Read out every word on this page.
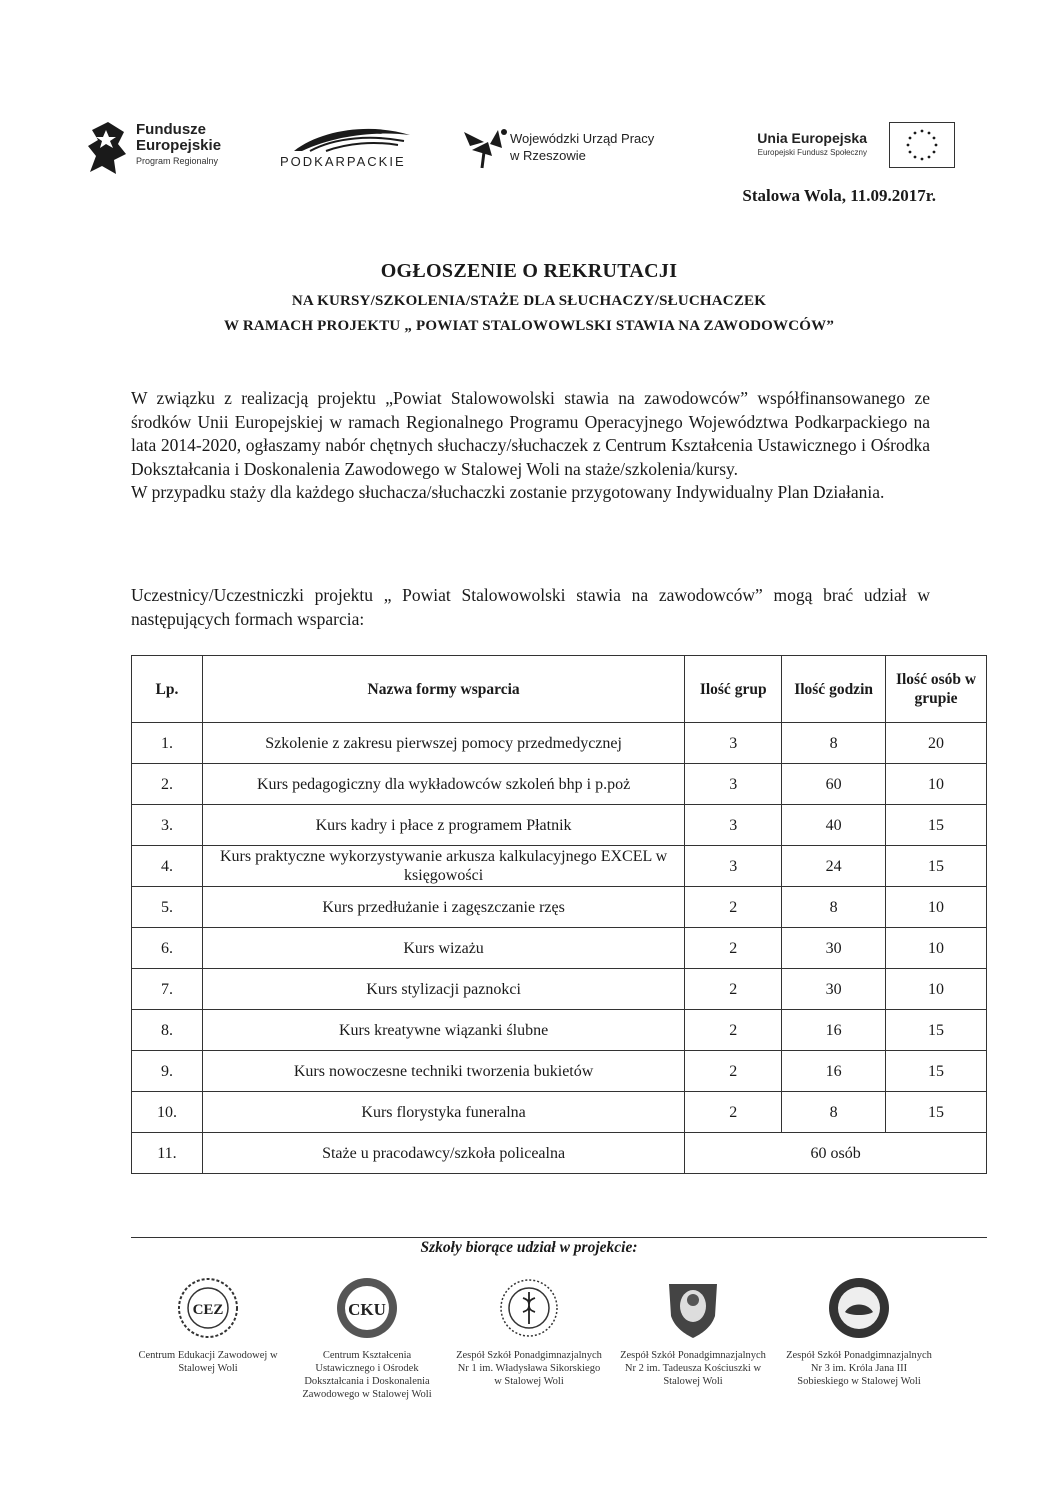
Fundusze
Europejskie
Program Regionalny	PODKARPACKIE
Wojewódzki Urząd Pracy
w Rzeszowie
Unia Europejska
Europejski Fundusz Społeczny
Stalowa Wola, 11.09.2017r.
OGŁOSZENIE O REKRUTACJI
NA KURSY/SZKOLENIA/STAŻE DLA SŁUCHACZY/SŁUCHACZEK
W RAMACH PROJEKTU „ POWIAT STALOWOWLSKI STAWIA NA ZAWODOWCÓW”

W związku z realizacją projektu „Powiat Stalowowolski stawia na zawodowców” współfinansowanego ze środków Unii Europejskiej w ramach Regionalnego Programu Operacyjnego Województwa Podkarpackiego na lata 2014-2020, ogłaszamy nabór chętnych słuchaczy/słuchaczek z Centrum Kształcenia Ustawicznego i Ośrodka Dokształcania i Doskonalenia Zawodowego w Stalowej Woli na staże/szkolenia/kursy.

W przypadku staży dla każdego słuchacza/słuchaczki zostanie przygotowany Indywidualny Plan Działania.

Uczestnicy/Uczestniczki projektu „ Powiat Stalowowolski stawia na zawodowców” mogą brać udział w następujących formach wsparcia:

Lp.	Nazwa formy wsparcia	Ilość grup	Ilość godzin	Ilość osób w grupie
1.	Szkolenie z zakresu pierwszej pomocy przedmedycznej	3	8	20
2.	Kurs pedagogiczny dla wykładowców szkoleń bhp i p.poż	3	60	10
3.	Kurs kadry i płace z programem Płatnik	3	40	15
4.	Kurs praktyczne wykorzystywanie arkusza kalkulacyjnego EXCEL w księgowości	3	24	15
5.	Kurs przedłużanie i zagęszczanie rzęs	2	8	10
6.	Kurs wizażu	2	30	10
7.	Kurs stylizacji paznokci	2	30	10
8.	Kurs kreatywne wiązanki ślubne	2	16	15
9.	Kurs nowoczesne techniki tworzenia bukietów	2	16	15
10.	Kurs florystyka funeralna	2	8	15
11.	Staże u pracodawcy/szkoła policealna	60 osób		
Szkoły biorące udział w projekcie:
CEZ
Centrum Edukacji Zawodowej w Stalowej Woli
CKU
Centrum Kształcenia Ustawicznego i Ośrodek Dokształcania i Doskonalenia Zawodowego w Stalowej Woli
Zespół Szkół Ponadgimnazjalnych Nr 1 im. Władysława Sikorskiego w Stalowej Woli
Zespół Szkół Ponadgimnazjalnych Nr 2 im. Tadeusza Kościuszki w Stalowej Woli
Zespół Szkół Ponadgimnazjalnych Nr 3 im. Króla Jana III Sobieskiego w Stalowej Woli
